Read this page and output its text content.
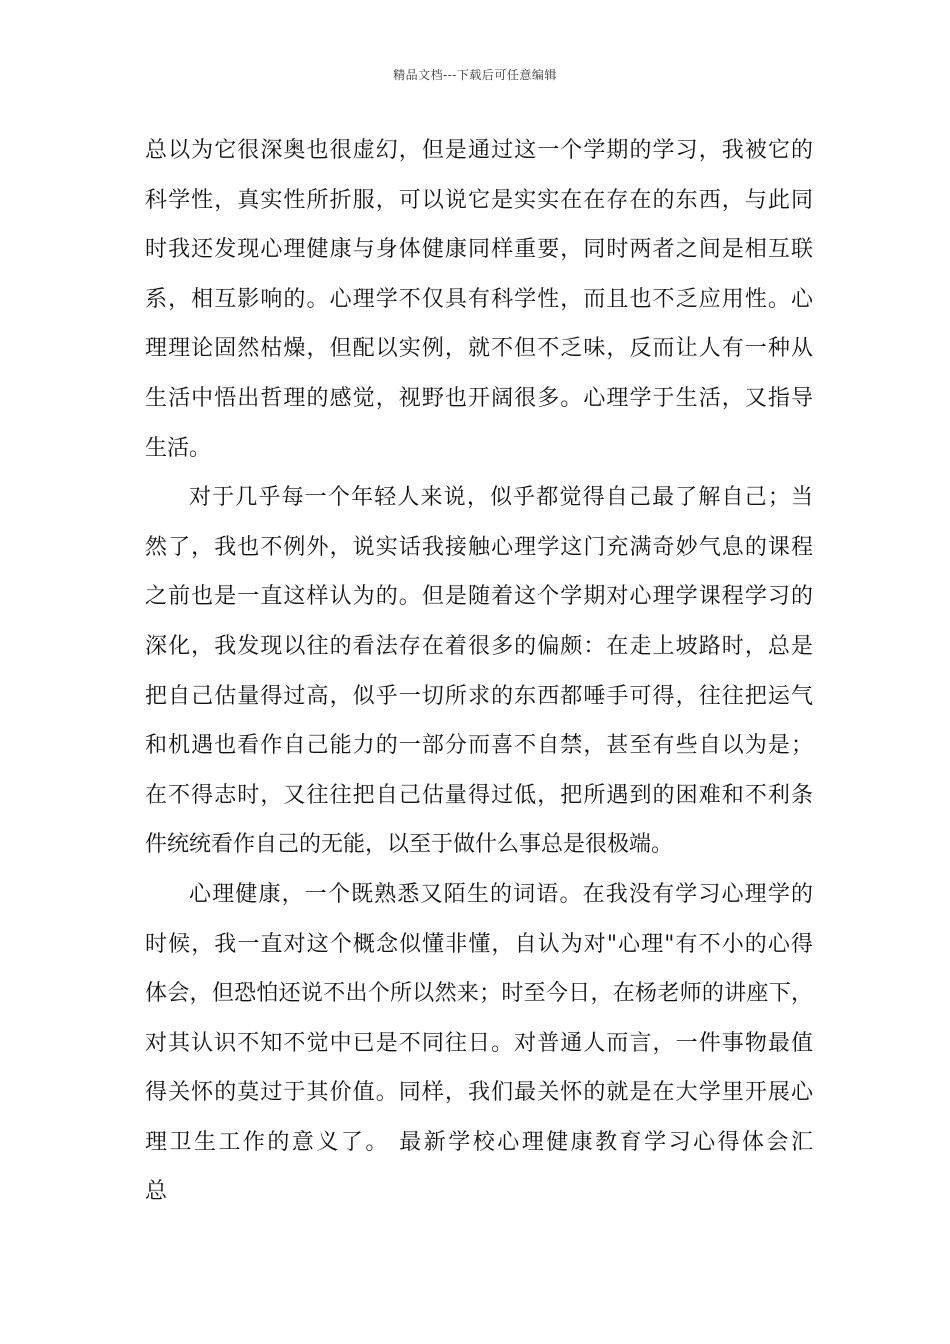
精品文档---下载后可任意编辑
总以为它很深奥也很虚幻，但是通过这一个学期的学习，我被它的
科学性，真实性所折服，可以说它是实实在在存在的东西，与此同
时我还发现心理健康与身体健康同样重要，同时两者之间是相互联
系，相互影响的。心理学不仅具有科学性，而且也不乏应用性。心
理理论固然枯燥，但配以实例，就不但不乏味，反而让人有一种从
生活中悟出哲理的感觉，视野也开阔很多。心理学于生活，又指导
生活。
对于几乎每一个年轻人来说，似乎都觉得自己最了解自己；当
然了，我也不例外，说实话我接触心理学这门充满奇妙气息的课程
之前也是一直这样认为的。但是随着这个学期对心理学课程学习的
深化，我发现以往的看法存在着很多的偏颇：在走上坡路时，总是
把自己估量得过高，似乎一切所求的东西都唾手可得，往往把运气
和机遇也看作自己能力的一部分而喜不自禁，甚至有些自以为是；
在不得志时，又往往把自己估量得过低，把所遇到的困难和不利条
件统统看作自己的无能，以至于做什么事总是很极端。
心理健康，一个既熟悉又陌生的词语。在我没有学习心理学的
时候，我一直对这个概念似懂非懂，自认为对"心理"有不小的心得
体会，但恐怕还说不出个所以然来；时至今日，在杨老师的讲座下，
对其认识不知不觉中已是不同往日。对普通人而言，一件事物最值
得关怀的莫过于其价值。同样，我们最关怀的就是在大学里开展心
理卫生工作的意义了。 最新学校心理健康教育学习心得体会汇
总
